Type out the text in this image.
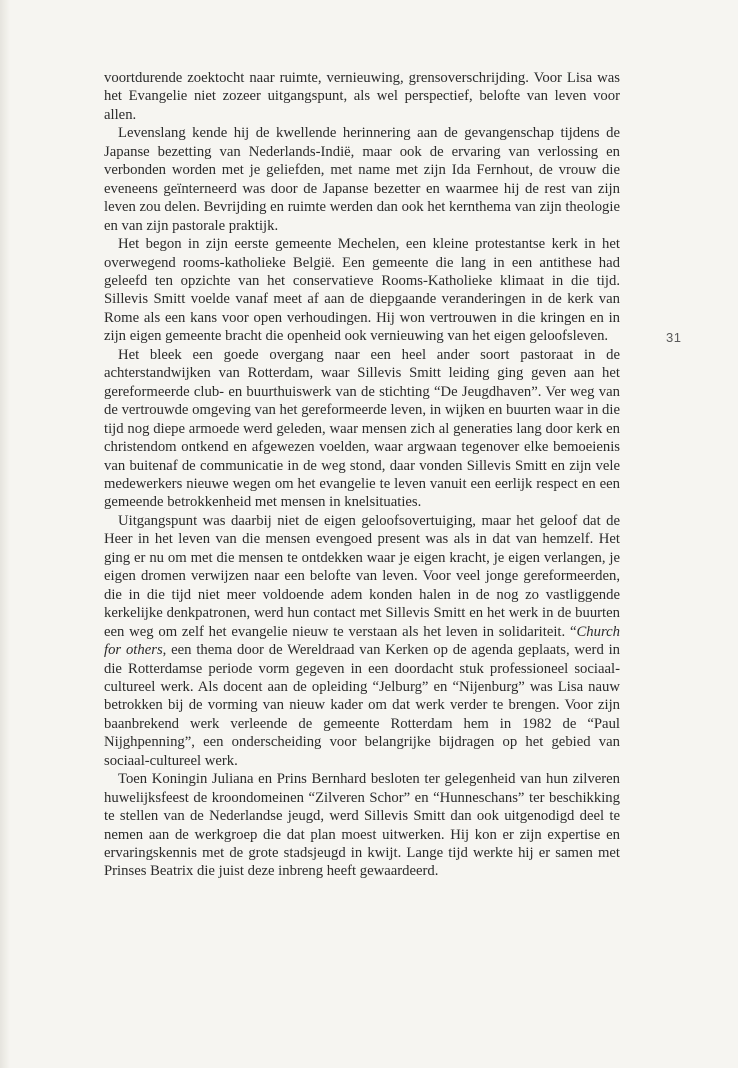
voortdurende zoektocht naar ruimte, vernieuwing, grensoverschrijding. Voor Lisa was het Evangelie niet zozeer uitgangspunt, als wel perspectief, belofte van leven voor allen.

Levenslang kende hij de kwellende herinnering aan de gevangenschap tijdens de Japanse bezetting van Nederlands-Indië, maar ook de ervaring van verlossing en verbonden worden met je geliefden, met name met zijn Ida Fernhout, de vrouw die eveneens geïnterneerd was door de Japanse bezetter en waarmee hij de rest van zijn leven zou delen. Bevrijding en ruimte werden dan ook het kernthema van zijn theologie en van zijn pastorale praktijk.

Het begon in zijn eerste gemeente Mechelen, een kleine protestantse kerk in het overwegend rooms-katholieke België. Een gemeente die lang in een antithese had geleefd ten opzichte van het conservatieve Rooms-Katholieke klimaat in die tijd. Sillevis Smitt voelde vanaf meet af aan de diepgaande veranderingen in de kerk van Rome als een kans voor open verhoudingen. Hij won vertrouwen in die kringen en in zijn eigen gemeente bracht die openheid ook vernieuwing van het eigen geloofsleven.

Het bleek een goede overgang naar een heel ander soort pastoraat in de achterstandwijken van Rotterdam, waar Sillevis Smitt leiding ging geven aan het gereformeerde club- en buurthuiswerk van de stichting “De Jeugdhaven”. Ver weg van de vertrouwde omgeving van het gereformeerde leven, in wijken en buurten waar in die tijd nog diepe armoede werd geleden, waar mensen zich al generaties lang door kerk en christendom ontkend en afgewezen voelden, waar argwaan tegenover elke bemoeienis van buitenaf de communicatie in de weg stond, daar vonden Sillevis Smitt en zijn vele medewerkers nieuwe wegen om het evangelie te leven vanuit een eerlijk respect en een gemeende betrokkenheid met mensen in knelsituaties.

Uitgangspunt was daarbij niet de eigen geloofsovertuiging, maar het geloof dat de Heer in het leven van die mensen evengoed present was als in dat van hemzelf. Het ging er nu om met die mensen te ontdekken waar je eigen kracht, je eigen verlangen, je eigen dromen verwijzen naar een belofte van leven. Voor veel jonge gereformeerden, die in die tijd niet meer voldoende adem konden halen in de nog zo vastliggende kerkelijke denkpatronen, werd hun contact met Sillevis Smitt en het werk in de buurten een weg om zelf het evangelie nieuw te verstaan als het leven in solidariteit. “Church for others, een thema door de Wereldraad van Kerken op de agenda geplaats, werd in die Rotterdamse periode vorm gegeven in een doordacht stuk professioneel sociaal-cultureel werk. Als docent aan de opleiding “Jelburg” en “Nijenburg” was Lisa nauw betrokken bij de vorming van nieuw kader om dat werk verder te brengen. Voor zijn baanbrekend werk verleende de gemeente Rotterdam hem in 1982 de “Paul Nijghpenning”, een onderscheiding voor belangrijke bijdragen op het gebied van sociaal-cultureel werk.

Toen Koningin Juliana en Prins Bernhard besloten ter gelegenheid van hun zilveren huwelijksfeest de kroondomeinen “Zilveren Schor” en “Hunneschans” ter beschikking te stellen van de Nederlandse jeugd, werd Sillevis Smitt dan ook uitgenodigd deel te nemen aan de werkgroep die dat plan moest uitwerken. Hij kon er zijn expertise en ervaringskennis met de grote stadsjeugd in kwijt. Lange tijd werkte hij er samen met Prinses Beatrix die juist deze inbreng heeft gewaardeerd.

31
